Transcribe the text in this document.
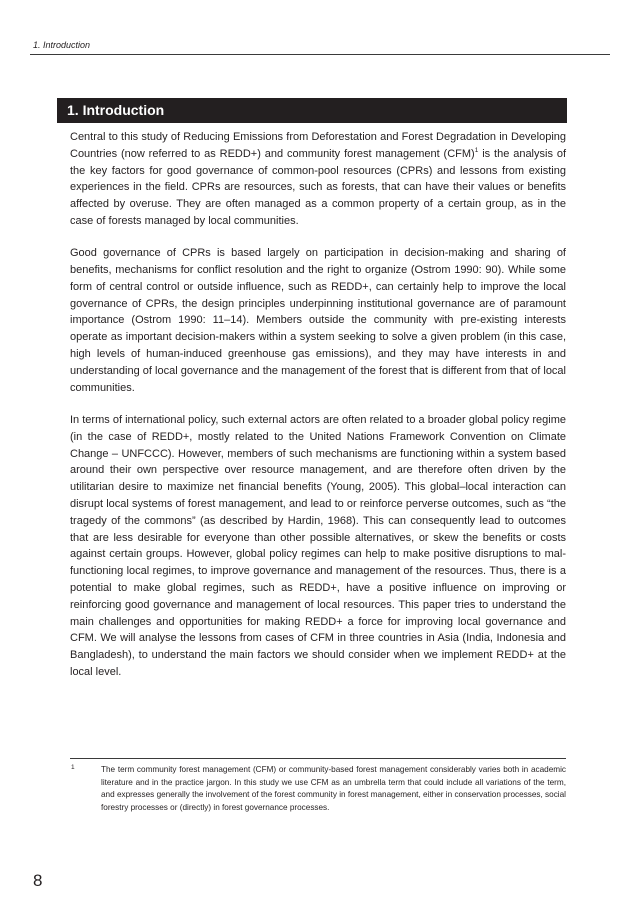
1. Introduction
1. Introduction

Central to this study of Reducing Emissions from Deforestation and Forest Degradation in Developing Countries (now referred to as REDD+) and community forest management (CFM)$^1$ is the analysis of the key factors for good governance of common-pool resources (CPRs) and lessons from existing experiences in the field. CPRs are resources, such as forests, that can have their values or benefits affected by overuse. They are often managed as a common property of a certain group, as in the case of forests managed by local communities.

Good governance of CPRs is based largely on participation in decision-making and sharing of benefits, mechanisms for conflict resolution and the right to organize (Ostrom 1990: 90). While some form of central control or outside influence, such as REDD+, can certainly help to improve the local governance of CPRs, the design principles underpinning institutional governance are of paramount importance (Ostrom 1990: 11–14). Members outside the community with pre-existing interests operate as important decision-makers within a system seeking to solve a given problem (in this case, high levels of human-induced greenhouse gas emissions), and they may have interests in and understanding of local governance and the management of the forest that is different from that of local communities.

In terms of international policy, such external actors are often related to a broader global policy regime (in the case of REDD+, mostly related to the United Nations Framework Convention on Climate Change – UNFCCC). However, members of such mechanisms are functioning within a system based around their own perspective over resource management, and are therefore often driven by the utilitarian desire to maximize net financial benefits (Young, 2005). This global–local interaction can disrupt local systems of forest management, and lead to or reinforce perverse outcomes, such as “the tragedy of the commons” (as described by Hardin, 1968). This can consequently lead to outcomes that are less desirable for everyone than other possible alternatives, or skew the benefits or costs against certain groups. However, global policy regimes can help to make positive disruptions to mal-functioning local regimes, to improve governance and management of the resources. Thus, there is a potential to make global regimes, such as REDD+, have a positive influence on improving or reinforcing good governance and management of local resources. This paper tries to understand the main challenges and opportunities for making REDD+ a force for improving local governance and CFM. We will analyse the lessons from cases of CFM in three countries in Asia (India, Indonesia and Bangladesh), to understand the main factors we should consider when we implement REDD+ at the local level.

1	The term community forest management (CFM) or community-based forest management considerably varies both in academic literature and in the practice jargon. In this study we use CFM as an umbrella term that could include all variations of the term, and expresses generally the involvement of the forest community in forest management, either in conservation processes, social forestry processes or (directly) in forest governance processes.
8
